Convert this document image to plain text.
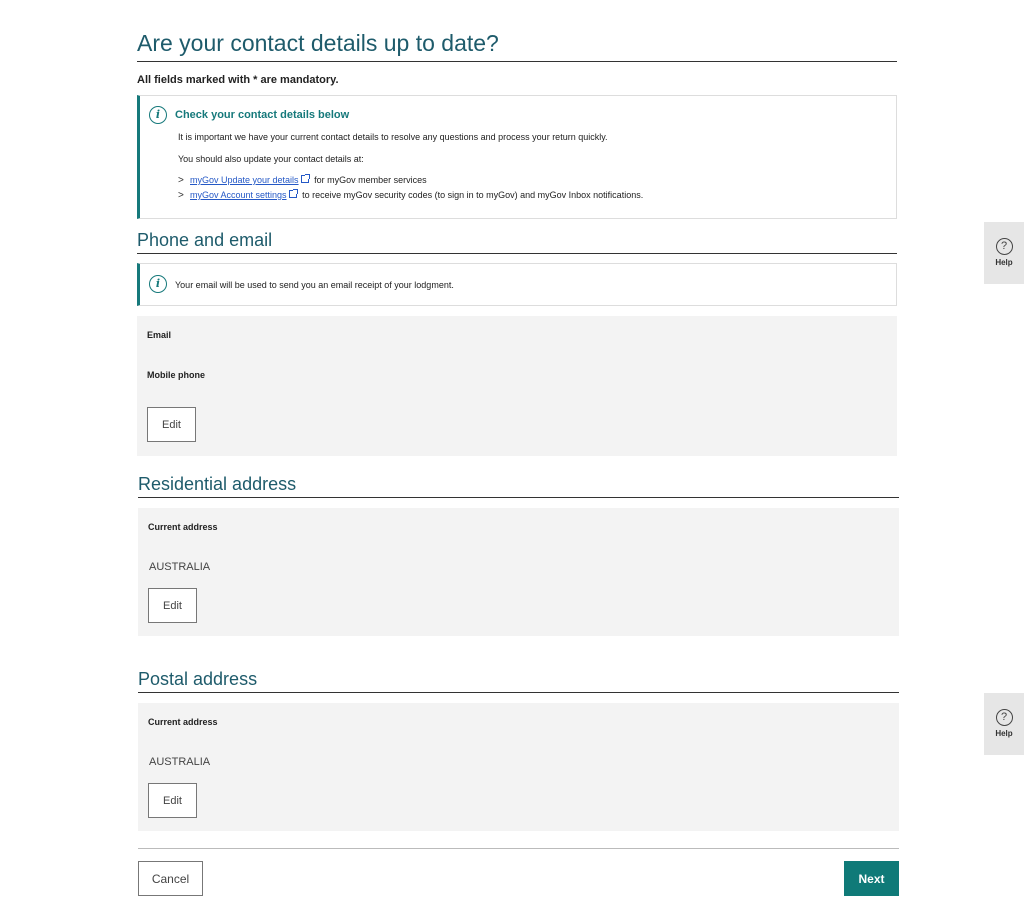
Are your contact details up to date?
All fields marked with * are mandatory.
i	Check your contact details below
It is important we have your current contact details to resolve any questions and process your return quickly.
You should also update your contact details at:
> myGov Update your details for myGov member services
> myGov Account settings to receive myGov security codes (to sign in to myGov) and myGov Inbox notifications.
Phone and email
i	Your email will be used to send you an email receipt of your lodgment.
Email
Mobile phone
Edit
Residential address
Current address
AUSTRALIA
Edit
Postal address
Current address
AUSTRALIA
Edit
Cancel	Next
?
Help
?
Help
